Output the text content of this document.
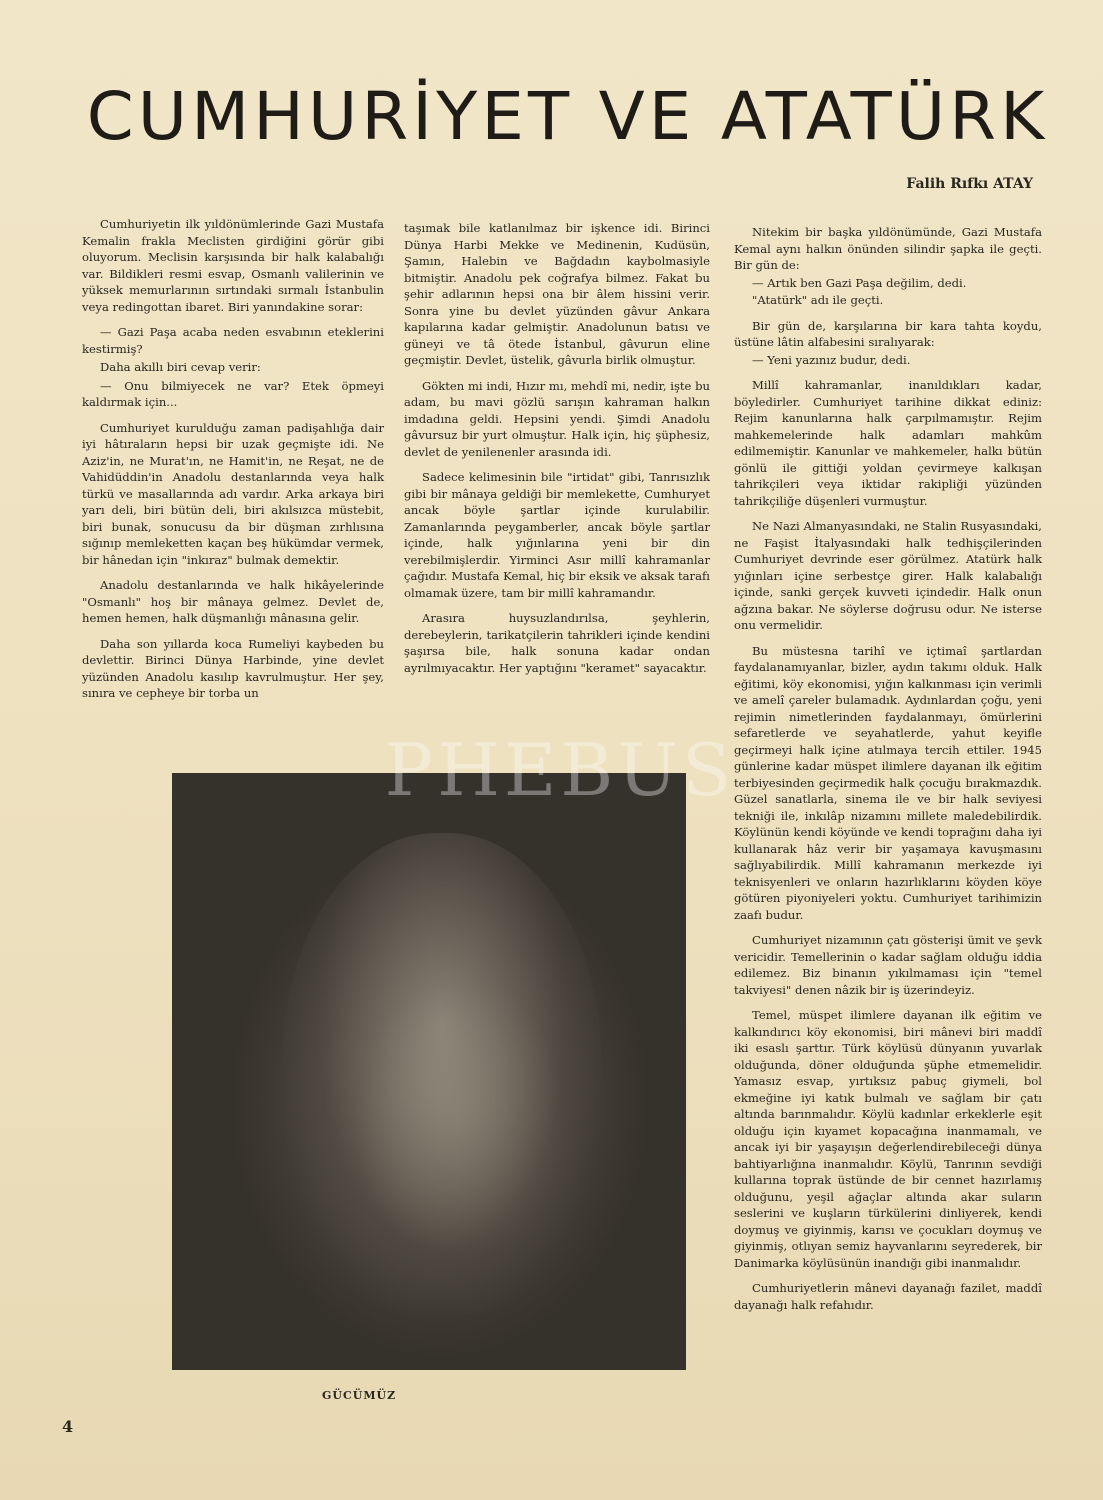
CUMHURİYET VE ATATÜRK
Falih Rıfkı ATAY

Cumhuriyetin ilk yıldönümlerinde Gazi Mustafa Kemalin frakla Meclisten girdiğini görür gibi oluyorum. Meclisin karşısında bir halk kalabalığı var. Bildikleri resmi esvap, Osmanlı valilerinin ve yüksek memurlarının sırtındaki sırmalı İstanbulin veya redingottan ibaret. Biri yanındakine sorar:

— Gazi Paşa acaba neden esvabının eteklerini kestirmiş?

Daha akıllı biri cevap verir:

— Onu bilmiyecek ne var? Etek öpmeyi kaldırmak için...

Cumhuriyet kurulduğu zaman padişahlığa dair iyi hâtıraların hepsi bir uzak geçmişte idi. Ne Aziz'in, ne Murat'ın, ne Hamit'in, ne Reşat, ne de Vahidüddin'in Anadolu destanlarında veya halk türkü ve masallarında adı vardır. Arka arkaya biri yarı deli, biri bütün deli, biri akılsızca müstebit, biri bunak, sonucusu da bir düşman zırhlısına sığınıp memleketten kaçan beş hükümdar vermek, bir hânedan için "inkıraz" bulmak demektir.

Anadolu destanlarında ve halk hikâyelerinde "Osmanlı" hoş bir mânaya gelmez. Devlet de, hemen hemen, halk düşmanlığı mânasına gelir.

Daha son yıllarda koca Rumeliyi kaybeden bu devlettir. Birinci Dünya Harbinde, yine devlet yüzünden Anadolu kasılıp kavrulmuştur. Her şey, sınıra ve cepheye bir torba un

taşımak bile katlanılmaz bir işkence idi. Birinci Dünya Harbi Mekke ve Medinenin, Kudüsün, Şamın, Halebin ve Bağdadın kaybolmasiyle bitmiştir. Anadolu pek coğrafya bilmez. Fakat bu şehir adlarının hepsi ona bir âlem hissini verir. Sonra yine bu devlet yüzünden gâvur Ankara kapılarına kadar gelmiştir. Anadolunun batısı ve güneyi ve tâ ötede İstanbul, gâvurun eline geçmiştir. Devlet, üstelik, gâvurla birlik olmuştur.

Gökten mi indi, Hızır mı, mehdî mi, nedir, işte bu adam, bu mavi gözlü sarışın kahraman halkın imdadına geldi. Hepsini yendi. Şimdi Anadolu gâvursuz bir yurt olmuştur. Halk için, hiç şüphesiz, devlet de yenilenenler arasında idi.

Sadece kelimesinin bile "irtidat" gibi, Tanrısızlık gibi bir mânaya geldiği bir memlekette, Cumhuryet ancak böyle şartlar içinde kurulabilir. Zamanlarında peygamberler, ancak böyle şartlar içinde, halk yığınlarına yeni bir din verebilmişlerdir. Yirminci Asır millî kahramanlar çağıdır. Mustafa Kemal, hiç bir eksik ve aksak tarafı olmamak üzere, tam bir millî kahramandır.

Arasıra huysuzlandırılsa, şeyhlerin, derebeylerin, tarikatçilerin tahrikleri içinde kendini şaşırsa bile, halk sonuna kadar ondan ayrılmıyacaktır. Her yaptığını "keramet" sayacaktır.

Nitekim bir başka yıldönümünde, Gazi Mustafa Kemal aynı halkın önünden silindir şapka ile geçti. Bir gün de:

— Artık ben Gazi Paşa değilim, dedi.

"Atatürk" adı ile geçti.

Bir gün de, karşılarına bir kara tahta koydu, üstüne lâtin alfabesini sıralıyarak:

— Yeni yazınız budur, dedi.

Millî kahramanlar, inanıldıkları kadar, böyledirler. Cumhuriyet tarihine dikkat ediniz: Rejim kanunlarına halk çarpılmamıştır. Rejim mahkemelerinde halk adamları mahkûm edilmemiştir. Kanunlar ve mahkemeler, halkı bütün gönlü ile gittiği yoldan çevirmeye kalkışan tahrikçileri veya iktidar rakipliği yüzünden tahrikçiliğe düşenleri vurmuştur.

Ne Nazi Almanyasındaki, ne Stalin Rusyasındaki, ne Faşist İtalyasındaki halk tedhişçilerinden Cumhuriyet devrinde eser görülmez. Atatürk halk yığınları içine serbestçe girer. Halk kalabalığı içinde, sanki gerçek kuvveti içindedir. Halk onun ağzına bakar. Ne söylerse doğrusu odur. Ne isterse onu vermelidir.

Bu müstesna tarihî ve içtimaî şartlardan faydalanamıyanlar, bizler, aydın takımı olduk. Halk eğitimi, köy ekonomisi, yığın kalkınması için verimli ve amelî çareler bulamadık. Aydınlardan çoğu, yeni rejimin nimetlerinden faydalanmayı, ömürlerini sefaretlerde ve seyahatlerde, yahut keyifle geçirmeyi halk içine atılmaya tercih ettiler. 1945 günlerine kadar müspet ilimlere dayanan ilk eğitim terbiyesinden geçirmedik halk çocuğu bırakmazdık. Güzel sanatlarla, sinema ile ve bir halk seviyesi tekniği ile, inkılâp nizamını millete maledebilirdik. Köylünün kendi köyünde ve kendi toprağını daha iyi kullanarak hâz verir bir yaşamaya kavuşmasını sağlıyabilirdik. Millî kahramanın merkezde iyi teknisyenleri ve onların hazırlıklarını köyden köye götüren piyoniyeleri yoktu. Cumhuriyet tarihimizin zaafı budur.

Cumhuriyet nizamının çatı gösterişi ümit ve şevk vericidir. Temellerinin o kadar sağlam olduğu iddia edilemez. Biz binanın yıkılmaması için "temel takviyesi" denen nâzik bir iş üzerindeyiz.

Temel, müspet ilimlere dayanan ilk eğitim ve kalkındırıcı köy ekonomisi, biri mânevi biri maddî iki esaslı şarttır. Türk köylüsü dünyanın yuvarlak olduğunda, döner olduğunda şüphe etmemelidir. Yamasız esvap, yırtıksız pabuç giymeli, bol ekmeğine iyi katık bulmalı ve sağlam bir çatı altında barınmalıdır. Köylü kadınlar erkeklerle eşit olduğu için kıyamet kopacağına inanmamalı, ve ancak iyi bir yaşayışın değerlendirebileceği dünya bahtiyarlığına inanmalıdır. Köylü, Tanrının sevdiği kullarına toprak üstünde de bir cennet hazırlamış olduğunu, yeşil ağaçlar altında akar suların seslerini ve kuşların türkülerini dinliyerek, kendi doymuş ve giyinmiş, karısı ve çocukları doymuş ve giyinmiş, otlıyan semiz hayvanlarını seyrederek, bir Danimarka köylüsünün inandığı gibi inanmalıdır.

Cumhuriyetlerin mânevi dayanağı fazilet, maddî dayanağı halk refahıdır.

GÜCÜMÜZ
4
PHEBUS
